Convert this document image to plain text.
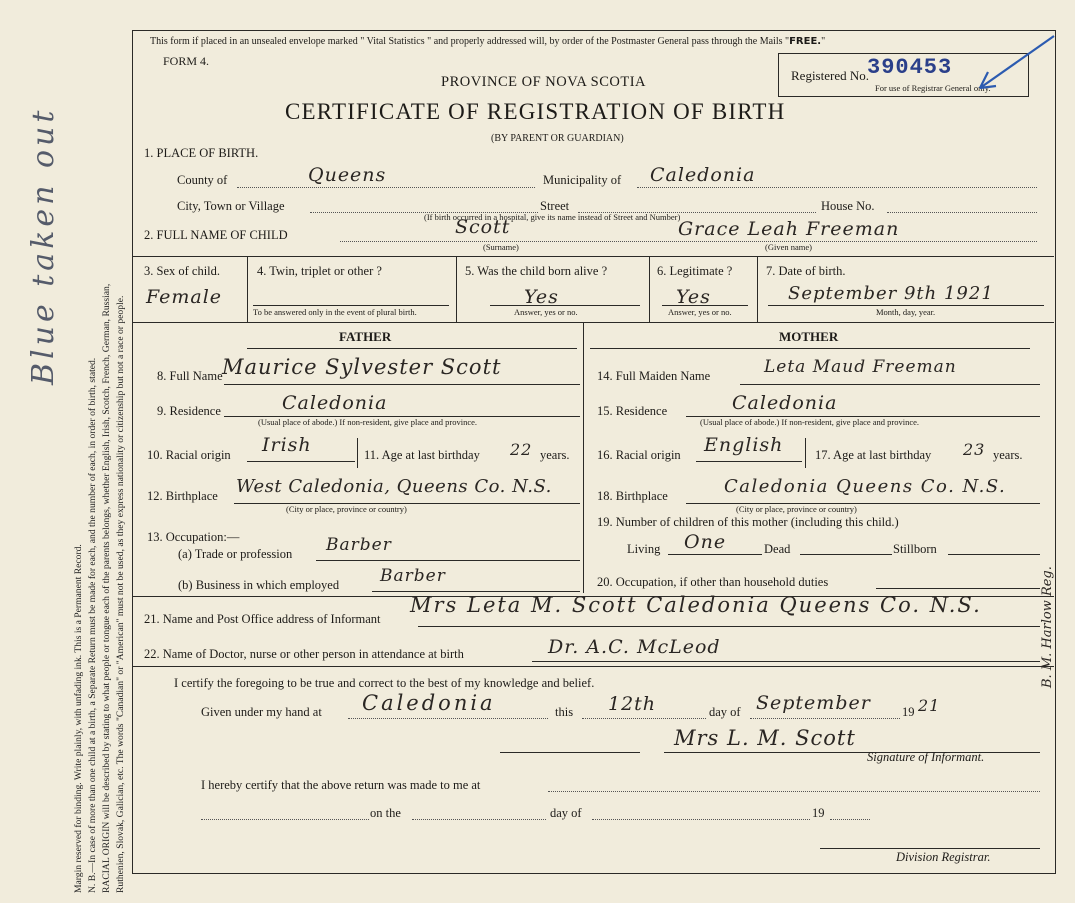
Margin reserved for binding. Write plainly, with unfading ink. This is a Permanent Record. N. B.—In case of more than one child at a birth, a Separate Return must be made for each, and the number of each, in order of birth, stated. RACIAL ORIGIN will be described by stating to what people or tongue each of the parents belongs, whether English, Irish, Scotch, French, German, Russian, Ruthenien, Slovak, Galician, etc. The words "Canadian" or "American" must not be used, as they express nationality or citizenship but not a race or people.
Blue taken out
This form if placed in an unsealed envelope marked " Vital Statistics " and properly addressed will, by order of the Postmaster General pass through the Mails "FREE."
FORM 4.
PROVINCE OF NOVA SCOTIA
CERTIFICATE OF REGISTRATION OF BIRTH
(BY PARENT OR GUARDIAN)
Registered No.
390453
For use of Registrar General only.
1. PLACE OF BIRTH.
County of	Queens	Municipality of Caledonia
City, Town or Village	Street	House No.
(If birth occurred in a hospital, give its name instead of Street and Number)
2. FULL NAME OF CHILD	Scott
(Surname)
Grace Leah Freeman
(Given name)
3. Sex of child.
Female
4. Twin, triplet or other ?
To be answered only in the event of plural birth.
5. Was the child born alive ?
Yes
Answer, yes or no.
6. Legitimate ?
Yes
Answer, yes or no.
7. Date of birth.
September 9th 1921
Month, day, year.
FATHER	MOTHER
8. Full Name Maurice Sylvester Scott
9. Residence	Caledonia
(Usual place of abode.) If non-resident, give place and province.
10. Racial origin Irish	11. Age at last birthday 22 years.
12. Birthplace West Caledonia, Queens Co. N.S.
(City or place, province or country)
13. Occupation:—
(a) Trade or profession Barber
(b) Business in which employed Barber
14. Full Maiden Name	Leta Maud Freeman
15. Residence	Caledonia
(Usual place of abode.) If non-resident, give place and province.
16. Racial origin English	17. Age at last birthday 23 years.
18. Birthplace	Caledonia Queens Co. N.S.
(City or place, province or country)
19. Number of children of this mother (including this child.)
Living One	Dead	Stillborn
20. Occupation, if other than household duties
21. Name and Post Office address of Informant
Mrs Leta M. Scott Caledonia Queens Co. N.S.
22. Name of Doctor, nurse or other person in attendance at birth	Dr. A.C. McLeod
I certify the foregoing to be true and correct to the best of my knowledge and belief.
Given under my hand at Caledonia	this 12th	day of September 19 21
Mrs L. M. Scott
Signature of Informant.
B. M. Harlow Reg.
I hereby certify that the above return was made to me at
on the	day of	19
Division Registrar.
